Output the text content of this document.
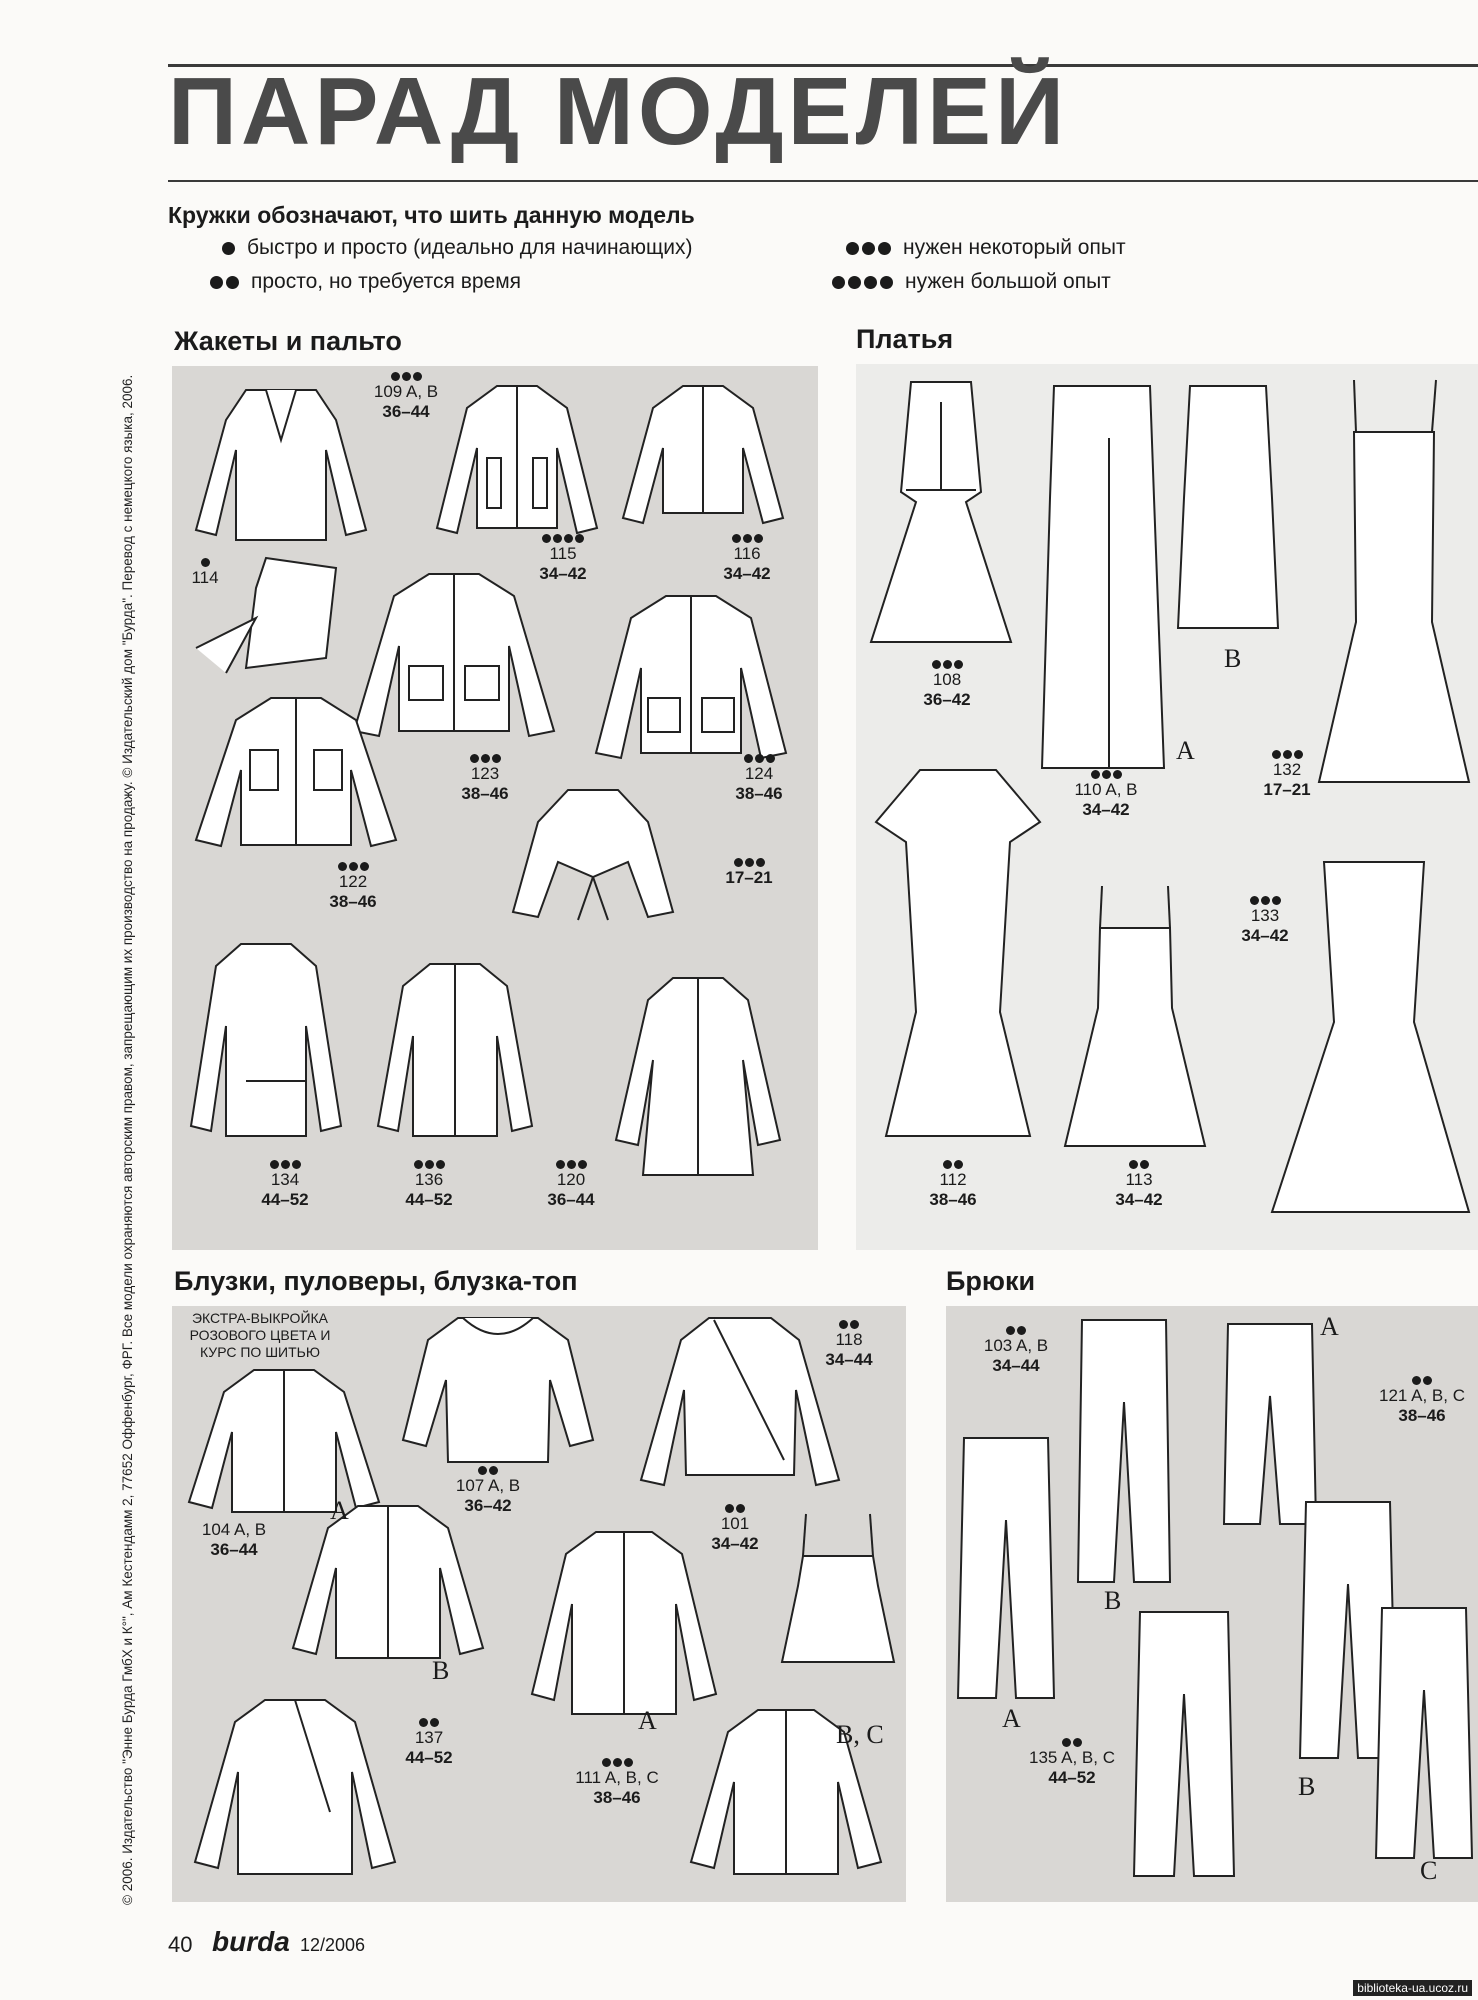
ПАРАД МОДЕЛЕЙ
Кружки обозначают, что шить данную модель
быстро и просто (идеально для начинающих)
просто, но требуется время
нужен некоторый опыт
нужен большой опыт
Жакеты и пальто	Платья
Блузки, пуловеры, блузка-топ	Брюки
109 A, B
36–44
114
115
34–42
116
34–42
123
38–46
124
38–46
122
38–46
17–21
134
44–52
136
44–52
120
36–44
108
36–42
110 A, B
34–42
132
17–21
133
34–42
112
38–46
113
34–42
A
B
ЭКСТРА-ВЫКРОЙКА РОЗОВОГО ЦВЕТА И КУРС ПО ШИТЬЮ
104 A, B
36–44
107 A, B
36–42
118
34–44
101
34–42
137
44–52
111 A, B, C
38–46
A
B
A	B, C
103 A, B
34–44
121 A, B, C
38–46
135 A, B, C
44–52
A
B
A
B
C
© 2006. Издательство "Энне Бурда ГмбХ и К°", Ам Кестендамм 2, 77652 Оффенбург, ФРГ. Все модели охраняются авторским правом, запрещающим их производство на продажу. © Издательский дом "Бурда". Перевод с немецкого языка, 2006.
40 burda 12/2006
biblioteka-ua.ucoz.ru
